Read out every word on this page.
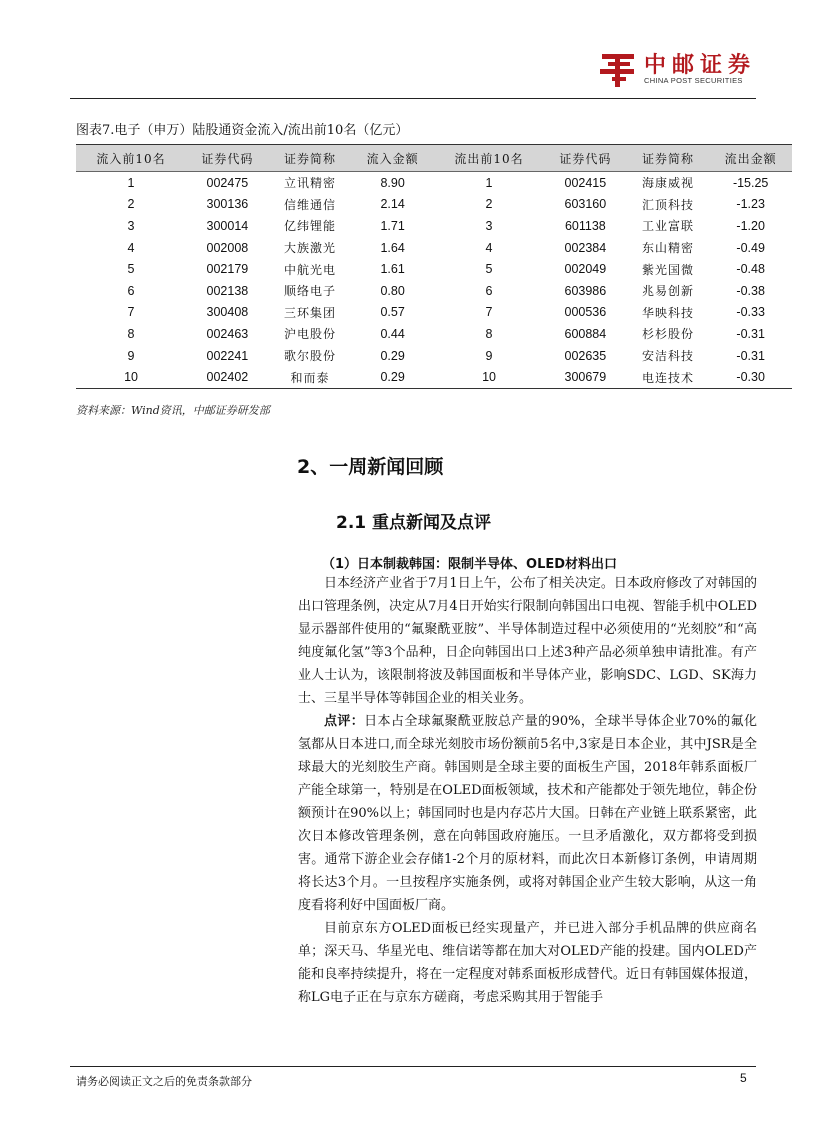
中邮证券
CHINA POST SECURITIES
图表7.电子（申万）陆股通资金流入/流出前10名（亿元）
流入前10名	证券代码	证券简称	流入金额	流出前10名	证券代码	证券简称	流出金额
1	002475	立讯精密	8.90	1	002415	海康威视	-15.25
2	300136	信维通信	2.14	2	603160	汇顶科技	-1.23
3	300014	亿纬锂能	1.71	3	601138	工业富联	-1.20
4	002008	大族激光	1.64	4	002384	东山精密	-0.49
5	002179	中航光电	1.61	5	002049	紫光国微	-0.48
6	002138	顺络电子	0.80	6	603986	兆易创新	-0.38
7	300408	三环集团	0.57	7	000536	华映科技	-0.33
8	002463	沪电股份	0.44	8	600884	杉杉股份	-0.31
9	002241	歌尔股份	0.29	9	002635	安洁科技	-0.31
10	002402	和而泰	0.29	10	300679	电连技术	-0.30
资料来源：Wind资讯，中邮证券研发部
2、一周新闻回顾
2.1 重点新闻及点评
（1）日本制裁韩国：限制半导体、OLED材料出口

日本经济产业省于7月1日上午，公布了相关决定。日本政府修改了对韩国的出口管理条例，决定从7月4日开始实行限制向韩国出口电视、智能手机中OLED显示器部件使用的“氟聚酰亚胺”、半导体制造过程中必须使用的“光刻胶”和“高纯度氟化氢”等3个品种，日企向韩国出口上述3种产品必须单独申请批准。有产业人士认为，该限制将波及韩国面板和半导体产业，影响SDC、LGD、SK海力士、三星半导体等韩国企业的相关业务。

点评：日本占全球氟聚酰亚胺总产量的90%，全球半导体企业70%的氟化氢都从日本进口,而全球光刻胶市场份额前5名中,3家是日本企业，其中JSR是全球最大的光刻胶生产商。韩国则是全球主要的面板生产国，2018年韩系面板厂产能全球第一，特别是在OLED面板领域，技术和产能都处于领先地位，韩企份额预计在90%以上；韩国同时也是内存芯片大国。日韩在产业链上联系紧密，此次日本修改管理条例，意在向韩国政府施压。一旦矛盾激化，双方都将受到损害。通常下游企业会存储1-2个月的原材料，而此次日本新修订条例，申请周期将长达3个月。一旦按程序实施条例，或将对韩国企业产生较大影响，从这一角度看将利好中国面板厂商。

目前京东方OLED面板已经实现量产，并已进入部分手机品牌的供应商名单；深天马、华星光电、维信诺等都在加大对OLED产能的投建。国内OLED产能和良率持续提升，将在一定程度对韩系面板形成替代。近日有韩国媒体报道，称LG电子正在与京东方磋商，考虑采购其用于智能手

请务必阅读正文之后的免责条款部分	5
